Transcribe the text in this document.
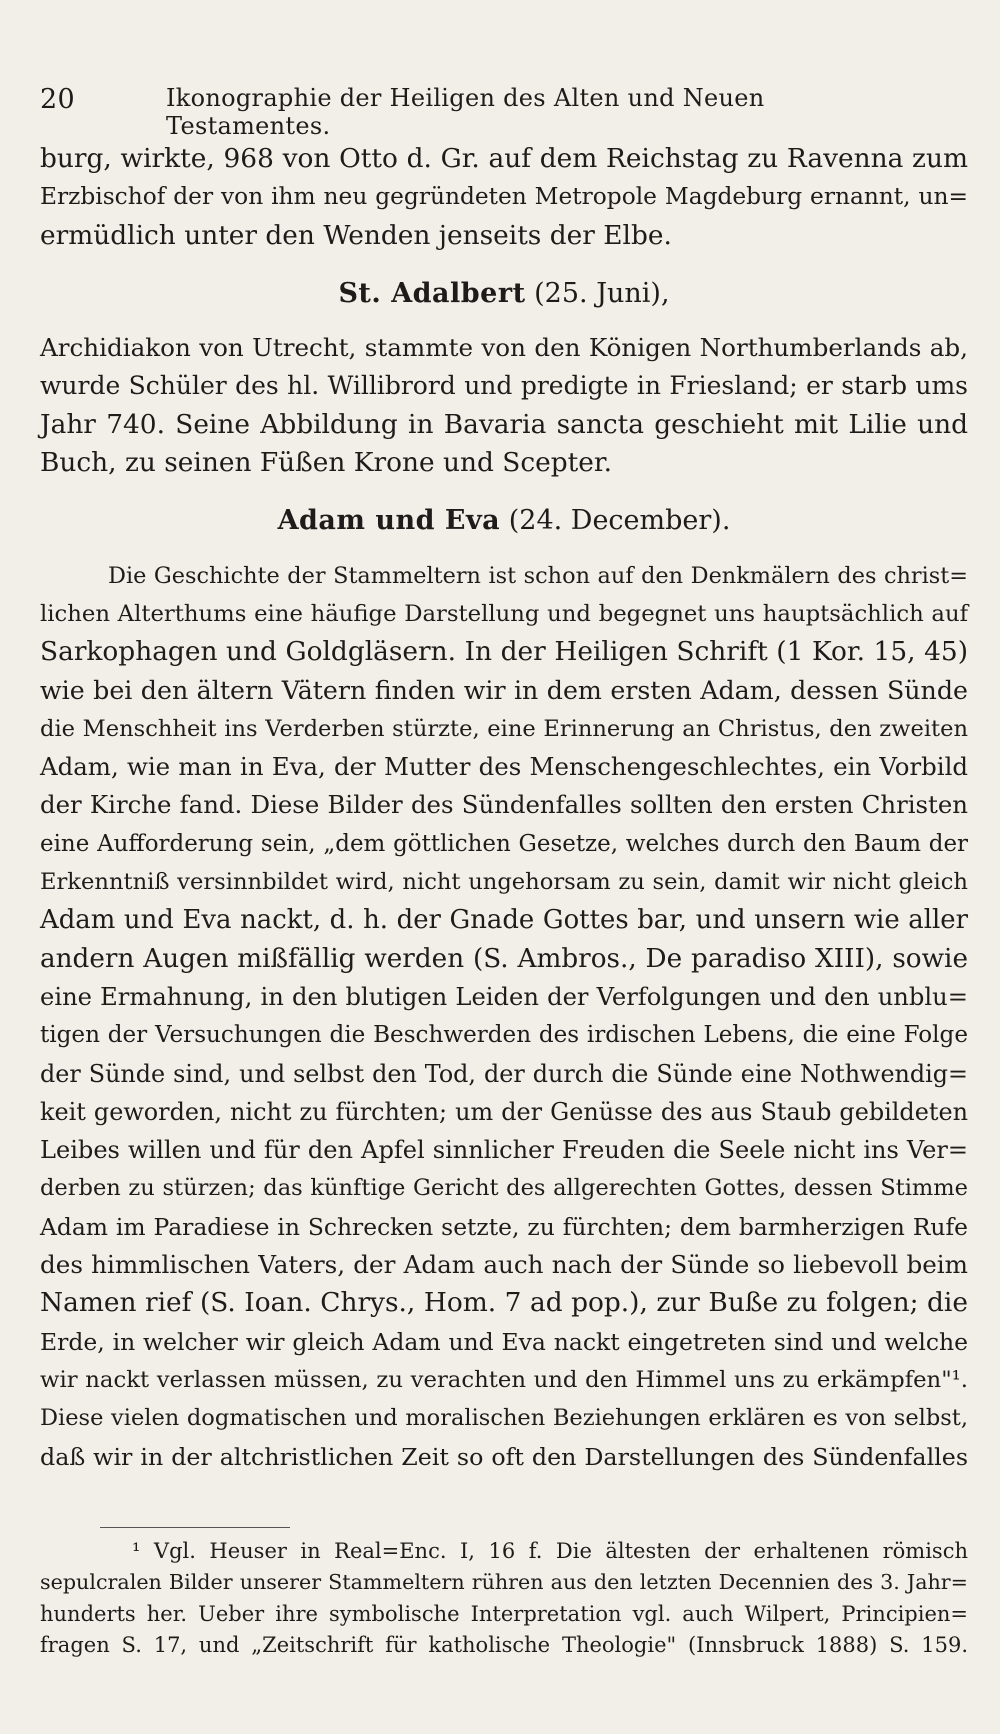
20	Ikonographie der Heiligen des Alten und Neuen Testamentes.
burg, wirkte, 968 von Otto d. Gr. auf dem Reichstag zu Ravenna zum
Erzbischof der von ihm neu gegründeten Metropole Magdeburg ernannt, un=
ermüdlich unter den Wenden jenseits der Elbe.
St. Adalbert (25. Juni),
Archidiakon von Utrecht, stammte von den Königen Northumberlands ab,
wurde Schüler des hl. Willibrord und predigte in Friesland; er starb ums
Jahr 740. Seine Abbildung in Bavaria sancta geschieht mit Lilie und
Buch, zu seinen Füßen Krone und Scepter.
Adam und Eva (24. December).
Die Geschichte der Stammeltern ist schon auf den Denkmälern des christ=
lichen Alterthums eine häufige Darstellung und begegnet uns hauptsächlich auf
Sarkophagen und Goldgläsern. In der Heiligen Schrift (1 Kor. 15, 45)
wie bei den ältern Vätern finden wir in dem ersten Adam, dessen Sünde
die Menschheit ins Verderben stürzte, eine Erinnerung an Christus, den zweiten
Adam, wie man in Eva, der Mutter des Menschengeschlechtes, ein Vorbild
der Kirche fand. Diese Bilder des Sündenfalles sollten den ersten Christen
eine Aufforderung sein, „dem göttlichen Gesetze, welches durch den Baum der
Erkenntniß versinnbildet wird, nicht ungehorsam zu sein, damit wir nicht gleich
Adam und Eva nackt, d. h. der Gnade Gottes bar, und unsern wie aller
andern Augen mißfällig werden (S. Ambros., De paradiso XIII), sowie
eine Ermahnung, in den blutigen Leiden der Verfolgungen und den unblu=
tigen der Versuchungen die Beschwerden des irdischen Lebens, die eine Folge
der Sünde sind, und selbst den Tod, der durch die Sünde eine Nothwendig=
keit geworden, nicht zu fürchten; um der Genüsse des aus Staub gebildeten
Leibes willen und für den Apfel sinnlicher Freuden die Seele nicht ins Ver=
derben zu stürzen; das künftige Gericht des allgerechten Gottes, dessen Stimme
Adam im Paradiese in Schrecken setzte, zu fürchten; dem barmherzigen Rufe
des himmlischen Vaters, der Adam auch nach der Sünde so liebevoll beim
Namen rief (S. Ioan. Chrys., Hom. 7 ad pop.), zur Buße zu folgen; die
Erde, in welcher wir gleich Adam und Eva nackt eingetreten sind und welche
wir nackt verlassen müssen, zu verachten und den Himmel uns zu erkämpfen"¹.
Diese vielen dogmatischen und moralischen Beziehungen erklären es von selbst,
daß wir in der altchristlichen Zeit so oft den Darstellungen des Sündenfalles
¹ Vgl. Heuser in Real=Enc. I, 16 f. Die ältesten der erhaltenen römisch
sepulcralen Bilder unserer Stammeltern rühren aus den letzten Decennien des 3. Jahr=
hunderts her. Ueber ihre symbolische Interpretation vgl. auch Wilpert, Principien=
fragen S. 17, und „Zeitschrift für katholische Theologie" (Innsbruck 1888) S. 159.
